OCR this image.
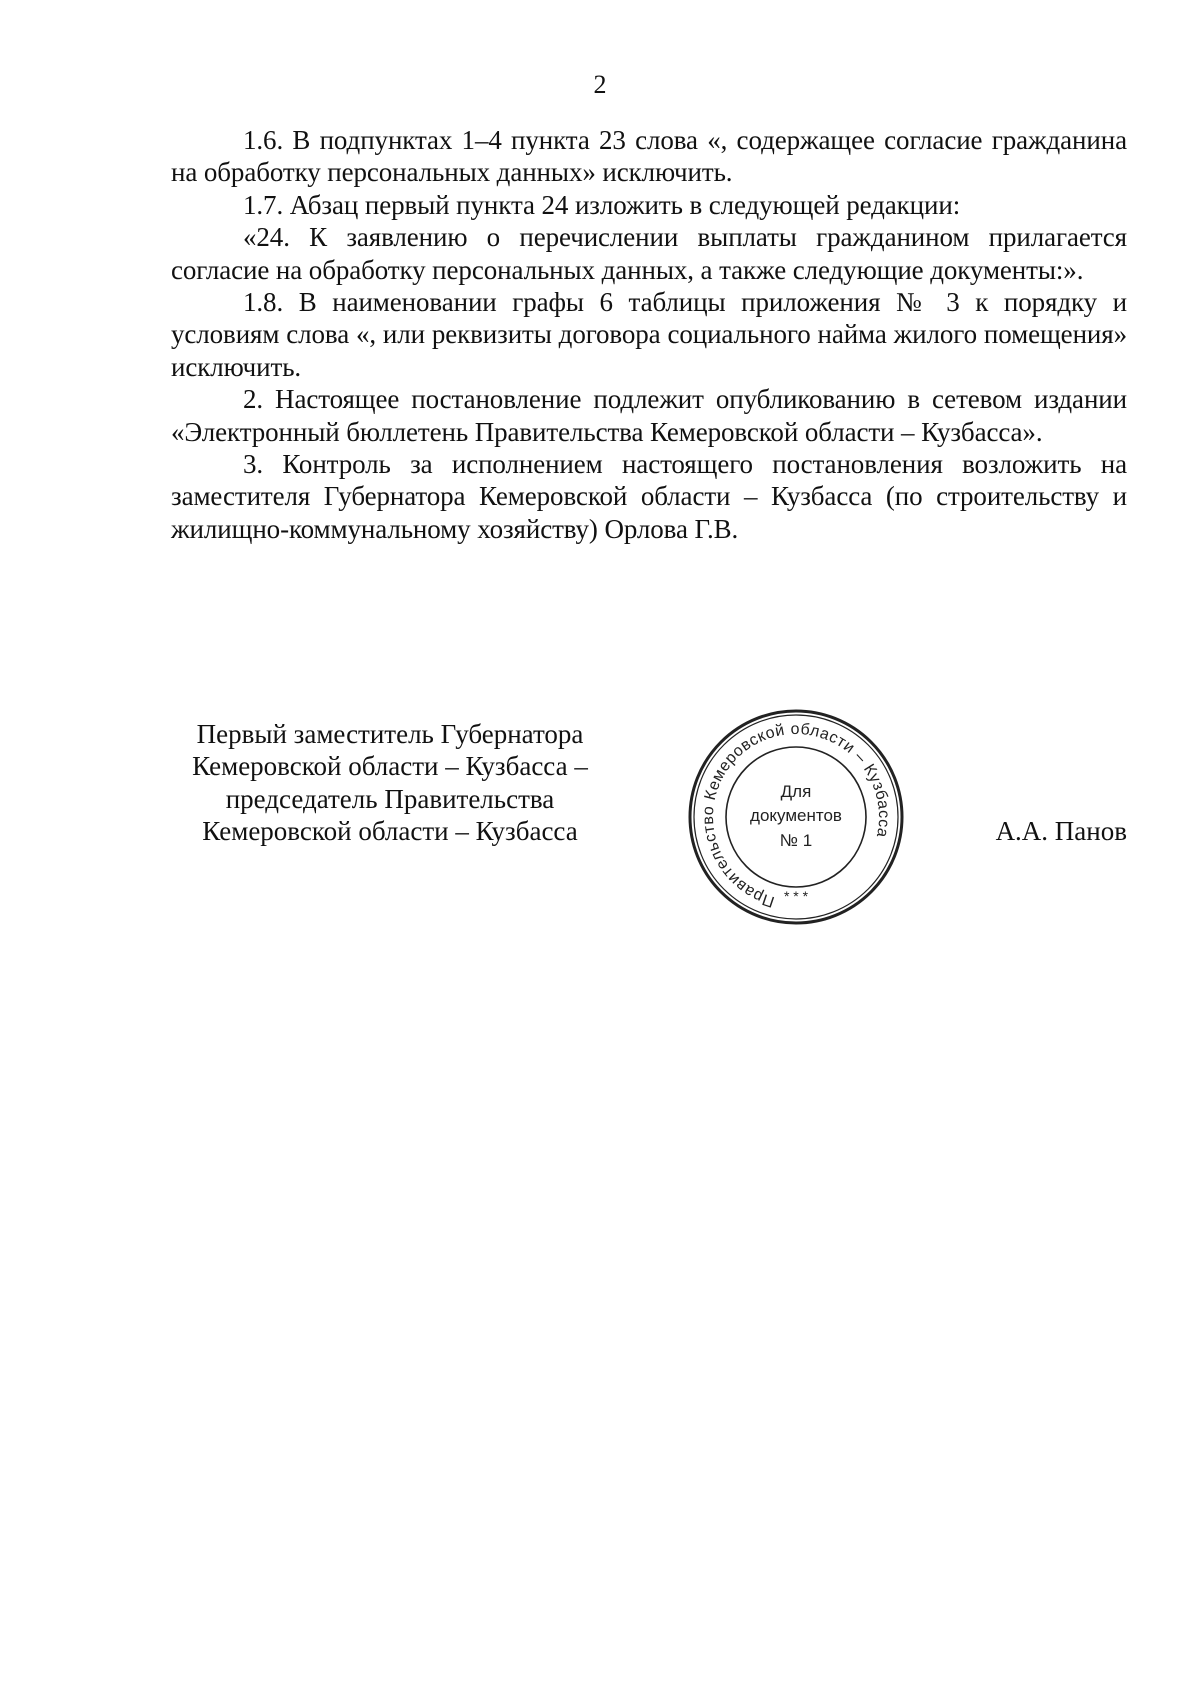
2

1.6. В подпунктах 1–4 пункта 23 слова «, содержащее согласие гражданина на обработку персональных данных» исключить.

1.7. Абзац первый пункта 24 изложить в следующей редакции:

«24. К заявлению о перечислении выплаты гражданином прилагается согласие на обработку персональных данных, а также следующие документы:».

1.8. В наименовании графы 6 таблицы приложения № 3 к порядку и условиям слова «, или реквизиты договора социального найма жилого помещения» исключить.

2. Настоящее постановление подлежит опубликованию в сетевом издании «Электронный бюллетень Правительства Кемеровской области – Кузбасса».

3. Контроль за исполнением настоящего постановления возложить на заместителя Губернатора Кемеровской области – Кузбасса (по строительству и жилищно-коммунальному хозяйству) Орлова Г.В.

Первый заместитель Губернатора
Кемеровской области – Кузбасса –
председатель Правительства
Кемеровской области – Кузбасса
Правительство Кемеровской области – Кузбасса
* * *
Для
документов
№ 1	А.А. Панов
